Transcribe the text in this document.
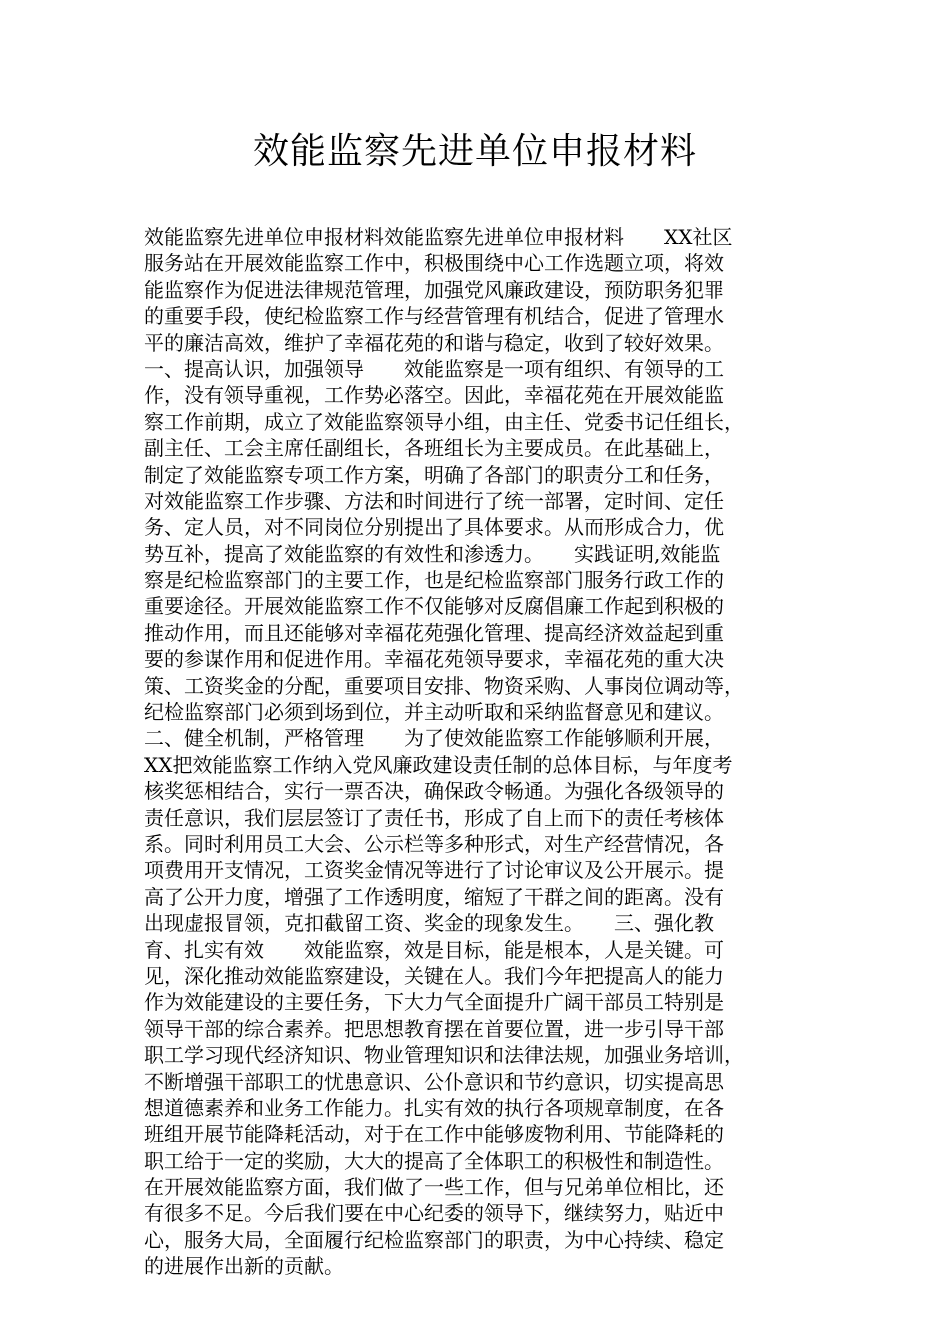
效能监察先进单位申报材料
效能监察先进单位申报材料效能监察先进单位申报材料　　XX社区
服务站在开展效能监察工作中，积极围绕中心工作选题立项，将效
能监察作为促进法律规范管理，加强党风廉政建设，预防职务犯罪
的重要手段，使纪检监察工作与经营管理有机结合，促进了管理水
平的廉洁高效，维护了幸福花苑的和谐与稳定，收到了较好效果。
一、提高认识，加强领导　　效能监察是一项有组织、有领导的工
作，没有领导重视，工作势必落空。因此，幸福花苑在开展效能监
察工作前期，成立了效能监察领导小组，由主任、党委书记任组长，
副主任、工会主席任副组长，各班组长为主要成员。在此基础上，
制定了效能监察专项工作方案，明确了各部门的职责分工和任务，
对效能监察工作步骤、方法和时间进行了统一部署，定时间、定任
务、定人员，对不同岗位分别提出了具体要求。从而形成合力，优
势互补，提高了效能监察的有效性和渗透力。　　实践证明,效能监
察是纪检监察部门的主要工作，也是纪检监察部门服务行政工作的
重要途径。开展效能监察工作不仅能够对反腐倡廉工作起到积极的
推动作用，而且还能够对幸福花苑强化管理、提高经济效益起到重
要的参谋作用和促进作用。幸福花苑领导要求，幸福花苑的重大决
策、工资奖金的分配，重要项目安排、物资采购、人事岗位调动等，
纪检监察部门必须到场到位，并主动听取和采纳监督意见和建议。
二、健全机制，严格管理　　为了使效能监察工作能够顺利开展，
XX把效能监察工作纳入党风廉政建设责任制的总体目标，与年度考
核奖惩相结合，实行一票否决，确保政令畅通。为强化各级领导的
责任意识，我们层层签订了责任书，形成了自上而下的责任考核体
系。同时利用员工大会、公示栏等多种形式，对生产经营情况，各
项费用开支情况，工资奖金情况等进行了讨论审议及公开展示。提
高了公开力度，增强了工作透明度，缩短了干群之间的距离。没有
出现虚报冒领，克扣截留工资、奖金的现象发生。　　三、强化教
育、扎实有效　　效能监察，效是目标，能是根本，人是关键。可
见，深化推动效能监察建设，关键在人。我们今年把提高人的能力
作为效能建设的主要任务，下大力气全面提升广阔干部员工特别是
领导干部的综合素养。把思想教育摆在首要位置，进一步引导干部
职工学习现代经济知识、物业管理知识和法律法规，加强业务培训，
不断增强干部职工的忧患意识、公仆意识和节约意识，切实提高思
想道德素养和业务工作能力。扎实有效的执行各项规章制度，在各
班组开展节能降耗活动，对于在工作中能够废物利用、节能降耗的
职工给于一定的奖励，大大的提高了全体职工的积极性和制造性。
在开展效能监察方面，我们做了一些工作，但与兄弟单位相比，还
有很多不足。今后我们要在中心纪委的领导下，继续努力，贴近中
心，服务大局，全面履行纪检监察部门的职责，为中心持续、稳定
的进展作出新的贡献。
